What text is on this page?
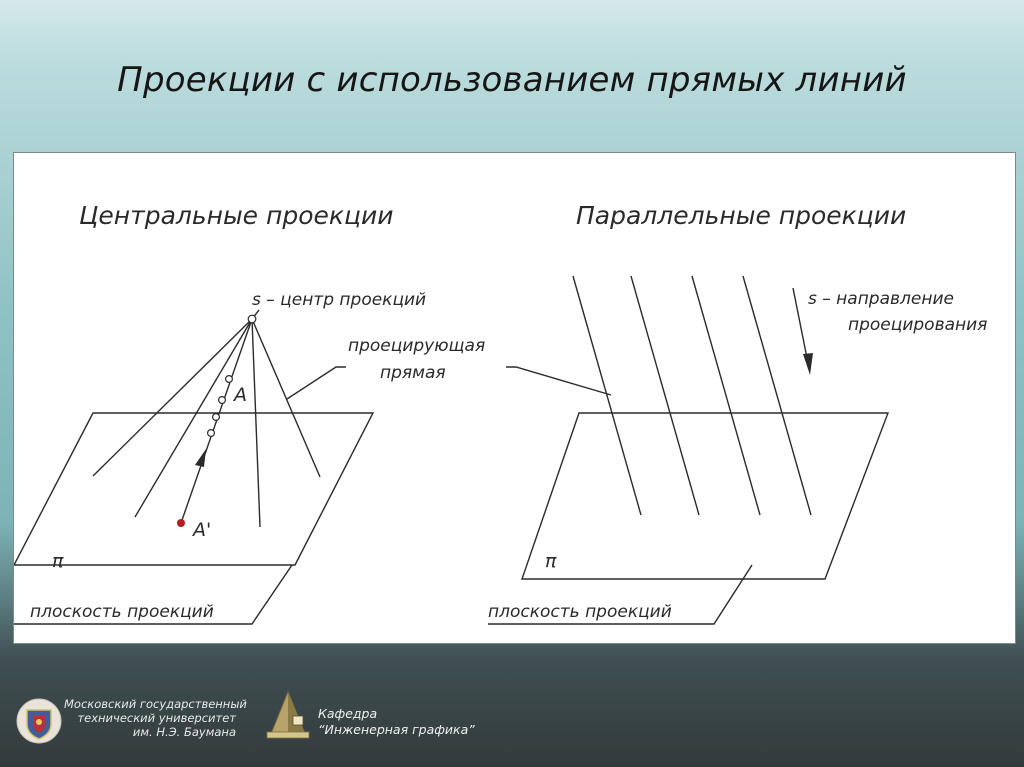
Проекции с использованием прямых линий
Центральные проекции	Параллельные проекции
s – центр проекций
проецирующая
прямая
A
A'
π
плоскость проекций
s – направление
проецирования
π
плоскость проекций
Московский государственный
технический университет
им. Н.Э. Баумана
Кафедра
“Инженерная графика”
